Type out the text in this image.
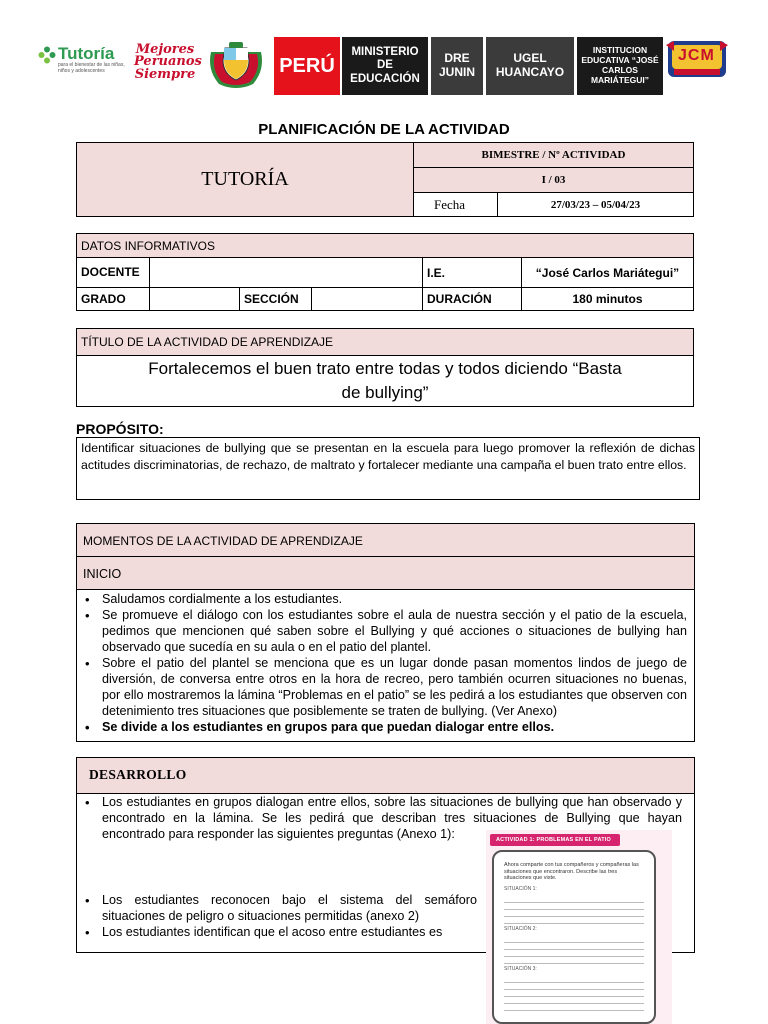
Tutoría
para el bienestar de las niñas, niños y adolescentes
Mejores Peruanos Siempre	PERÚ
MINISTERIO DE EDUCACIÓN
DRE JUNIN
UGEL HUANCAYO
INSTITUCION EDUCATIVA “JOSÉ CARLOS MARIÁTEGUI”
JCM
PLANIFICACIÓN DE LA ACTIVIDAD
TUTORÍA	BIMESTRE / Nº ACTIVIDAD	
	I / 03	
	Fecha	27/03/23 – 05/04/23
DATOS INFORMATIVOS					
DOCENTE				I.E.	“José Carlos Mariátegui”
GRADO		SECCIÓN		DURACIÓN	180 minutos
TÍTULO DE LA ACTIVIDAD DE APRENDIZAJE
Fortalecemos el buen trato entre todas y todos diciendo “Basta de bullying”
PROPÓSITO:
Identificar situaciones de bullying que se presentan en la escuela para luego promover la reflexión de dichas actitudes discriminatorias, de rechazo, de maltrato y fortalecer mediante una campaña el buen trato entre ellos.
MOMENTOS DE LA ACTIVIDAD DE APRENDIZAJE
INICIO
• Saludamos cordialmente a los estudiantes.
• Se promueve el diálogo con los estudiantes sobre el aula de nuestra sección y el patio de la escuela, pedimos que mencionen qué saben sobre el Bullying y qué acciones o situaciones de bullying han observado que sucedía en su aula o en el patio del plantel.
• Sobre el patio del plantel se menciona que es un lugar donde pasan momentos lindos de juego de diversión, de conversa entre otros en la hora de recreo, pero también ocurren situaciones no buenas, por ello mostraremos la lámina “Problemas en el patio” se les pedirá a los estudiantes que observen con detenimiento tres situaciones que posiblemente se traten de bullying. (Ver Anexo)
• Se divide a los estudiantes en grupos para que puedan dialogar entre ellos.
DESARROLLO
• Los estudiantes en grupos dialogan entre ellos, sobre las situaciones de bullying que han observado y encontrado en la lámina. Se les pedirá que describan tres situaciones de Bullying que hayan encontrado para responder las siguientes preguntas (Anexo 1):
• Los estudiantes reconocen bajo el sistema del semáforo situaciones de peligro o situaciones permitidas (anexo 2)
• Los estudiantes identifican que el acoso entre estudiantes es
ACTIVIDAD 1: PROBLEMAS EN EL PATIO
Ahora comparte con tus compañeros y compañeras las situaciones que encontraron. Describe las tres situaciones que viste.
SITUACIÓN 1:
SITUACIÓN 2:
SITUACIÓN 3:
